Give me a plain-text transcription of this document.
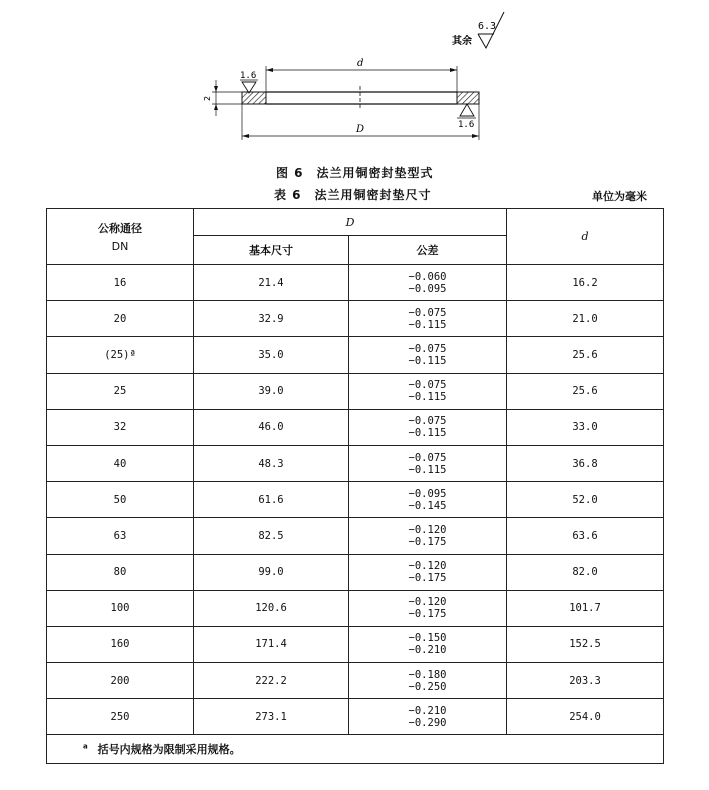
其余
6.3
d
D
2
1.6
1.6
图 6　法兰用铜密封垫型式
表 6　法兰用铜密封垫尺寸	单位为毫米
公称通径
DN	D		d
	基本尺寸	公差	
16	21.4	−0.060
−0.095	16.2
20	32.9	−0.075
−0.115	21.0
(25)ª	35.0	−0.075
−0.115	25.6
25	39.0	−0.075
−0.115	25.6
32	46.0	−0.075
−0.115	33.0
40	48.3	−0.075
−0.115	36.8
50	61.6	−0.095
−0.145	52.0
63	82.5	−0.120
−0.175	63.6
80	99.0	−0.120
−0.175	82.0
100	120.6	−0.120
−0.175	101.7
160	171.4	−0.150
−0.210	152.5
200	222.2	−0.180
−0.250	203.3
250	273.1	−0.210
−0.290	254.0
$^a$ 括号内规格为限制采用规格。			
